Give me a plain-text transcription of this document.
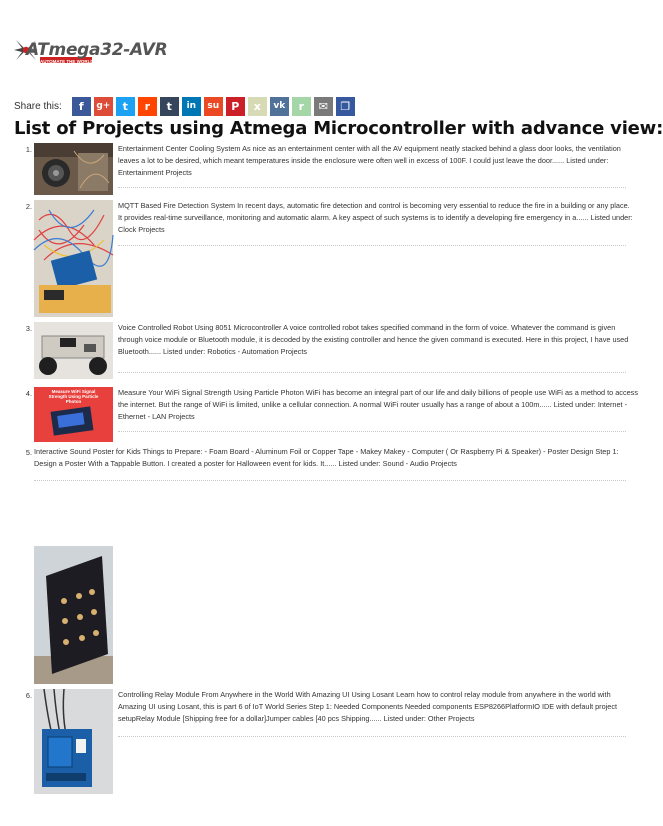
ATmega32-AVR
AUTOMATE THE WORLD
Share this:	f	g+	t	r	t	in	su	P	x	vk	r	✉	❐
List of Projects using Atmega Microcontroller with advance view:
1.	Entertainment Center Cooling System As nice as an entertainment center with all the AV equipment neatly stacked behind a glass door looks, the ventilation
leaves a lot to be desired, which meant temperatures inside the enclosure were often well in excess of 100F. I could just leave the door...... Listed under:
Entertainment Projects
2.	MQTT Based Fire Detection System In recent days, automatic fire detection and control is becoming very essential to reduce the fire in a building or any place.
It provides real-time surveillance, monitoring and automatic alarm. A key aspect of such systems is to identify a developing fire emergency in a...... Listed under:
Clock Projects
3.	Voice Controlled Robot Using 8051 Microcontroller A voice controlled robot takes specified command in the form of voice. Whatever the command is given
through voice module or Bluetooth module, it is decoded by the existing controller and hence the given command is executed. Here in this project, I have used
Bluetooth...... Listed under: Robotics - Automation Projects
4.	Measure WiFi Signal Strength Using Particle Photon
Measure Your WiFi Signal Strength Using Particle Photon WiFi has become an integral part of our life and daily billions of people use WiFi as a method to access
the internet. But the range of WiFi is limited, unlike a cellular connection. A normal WiFi router usually has a range of about a 100m...... Listed under: Internet -
Ethernet - LAN Projects
5. Interactive Sound Poster for Kids Things to Prepare: - Foam Board - Aluminum Foil or Copper Tape - Makey Makey - Computer ( Or Raspberry Pi & Speaker) - Poster Design Step 1:
Design a Poster With a Tappable Button. I created a poster for Halloween event for kids. It...... Listed under: Sound - Audio Projects
6.	Controlling Relay Module From Anywhere in the World With Amazing UI Using Losant Learn how to control relay module from anywhere in the world with
Amazing UI using Losant, this is part 6 of IoT World Series Step 1: Needed Components Needed components ESP8266PlatformIO IDE with default project
setupRelay Module [Shipping free for a dollar]Jumper cables [40 pcs Shipping...... Listed under: Other Projects
